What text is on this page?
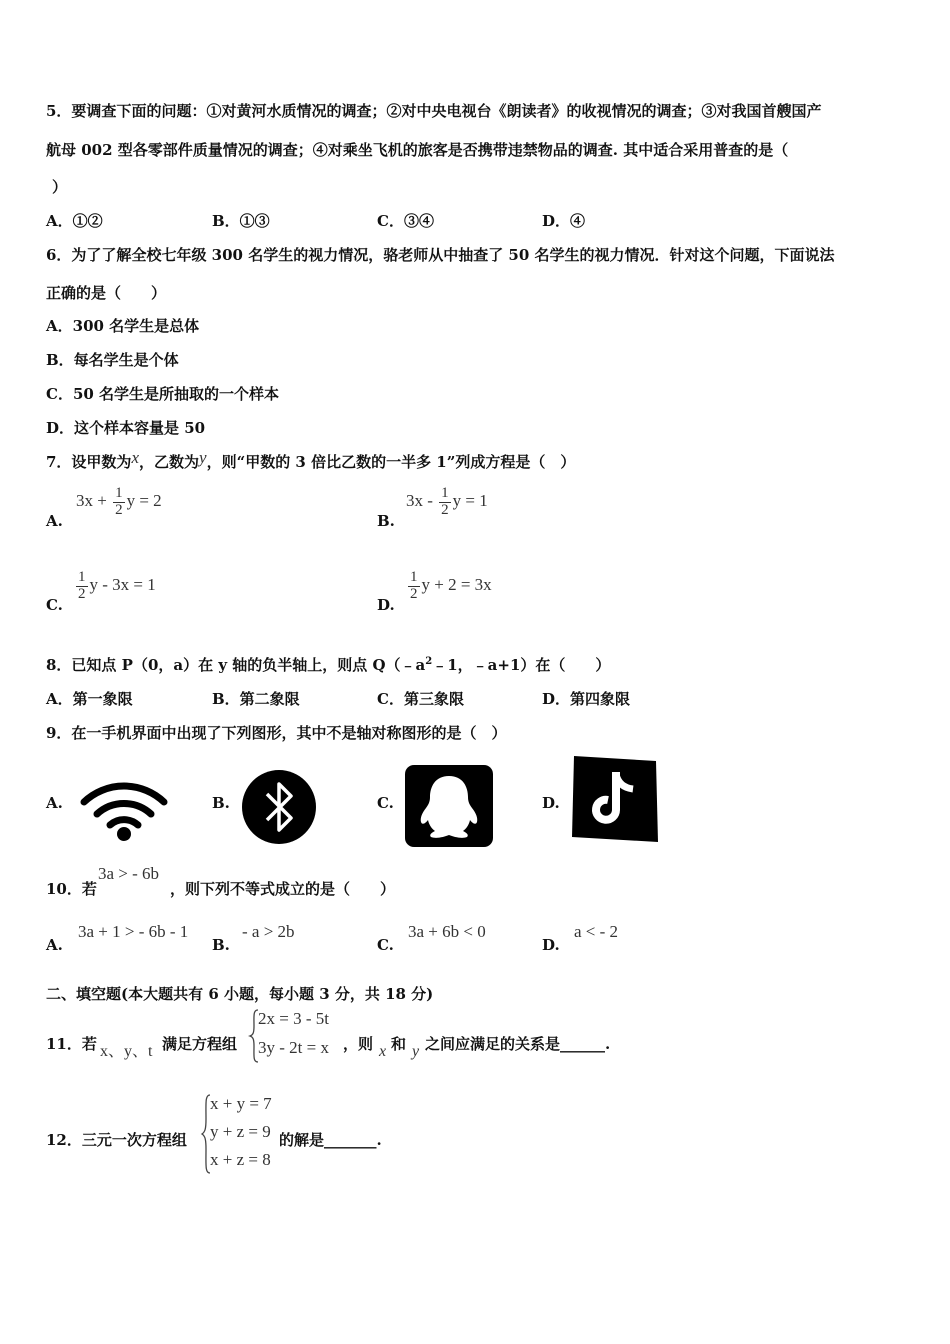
5．要调查下面的问题：①对黄河水质情况的调查；②对中央电视台《朗读者》的收视情况的调查；③对我国首艘国产
航母 002 型各零部件质量情况的调查；④对乘坐飞机的旅客是否携带违禁物品的调查. 其中适合采用普查的是（
）
A．①②	B．①③	C．③④	D．④
6．为了了解全校七年级 300 名学生的视力情况，骆老师从中抽查了 50 名学生的视力情况．针对这个问题，下面说法
正确的是（　　）
A．300 名学生是总体
B．每名学生是个体
C．50 名学生是所抽取的一个样本
D．这个样本容量是 50
7．设甲数为x，乙数为y，则“甲数的 3 倍比乙数的一半多 1”列成方程是（　）
A.
$3x + \frac{1}{2}$ y = 2
B.
$3x - \frac{1}{2}$ y = 1
C.
$\frac{1}{2}$ y - 3x = 1
D.
$\frac{1}{2}$ y + 2 = 3x
8．已知点 P（0，a）在 y 轴的负半轴上，则点 $Q(﹣a^2﹣1$，﹣a+1）在（　　）
A．第一象限	B．第二象限	C．第三象限	D．第四象限
9．在一手机界面中出现了下列图形，其中不是轴对称图形的是（　）
A.	B.	C.	D.
10．若
3a > - 6b
，则下列不等式成立的是（　　）
A.
3a + 1 > - 6b - 1
B.
- a > 2b
C.
3a + 6b < 0
D.
a < - 2
二、填空题(本大题共有 6 小题，每小题 3 分，共 18 分)
11．若 x、y、t 满足方程组
2x = 3 - 5t
3y - 2t = x ，则 x 和 y 之间应满足的关系是______.
12．三元一次方程组
x + y = 7
y + z = 9
x + z = 8
的解是_______.
